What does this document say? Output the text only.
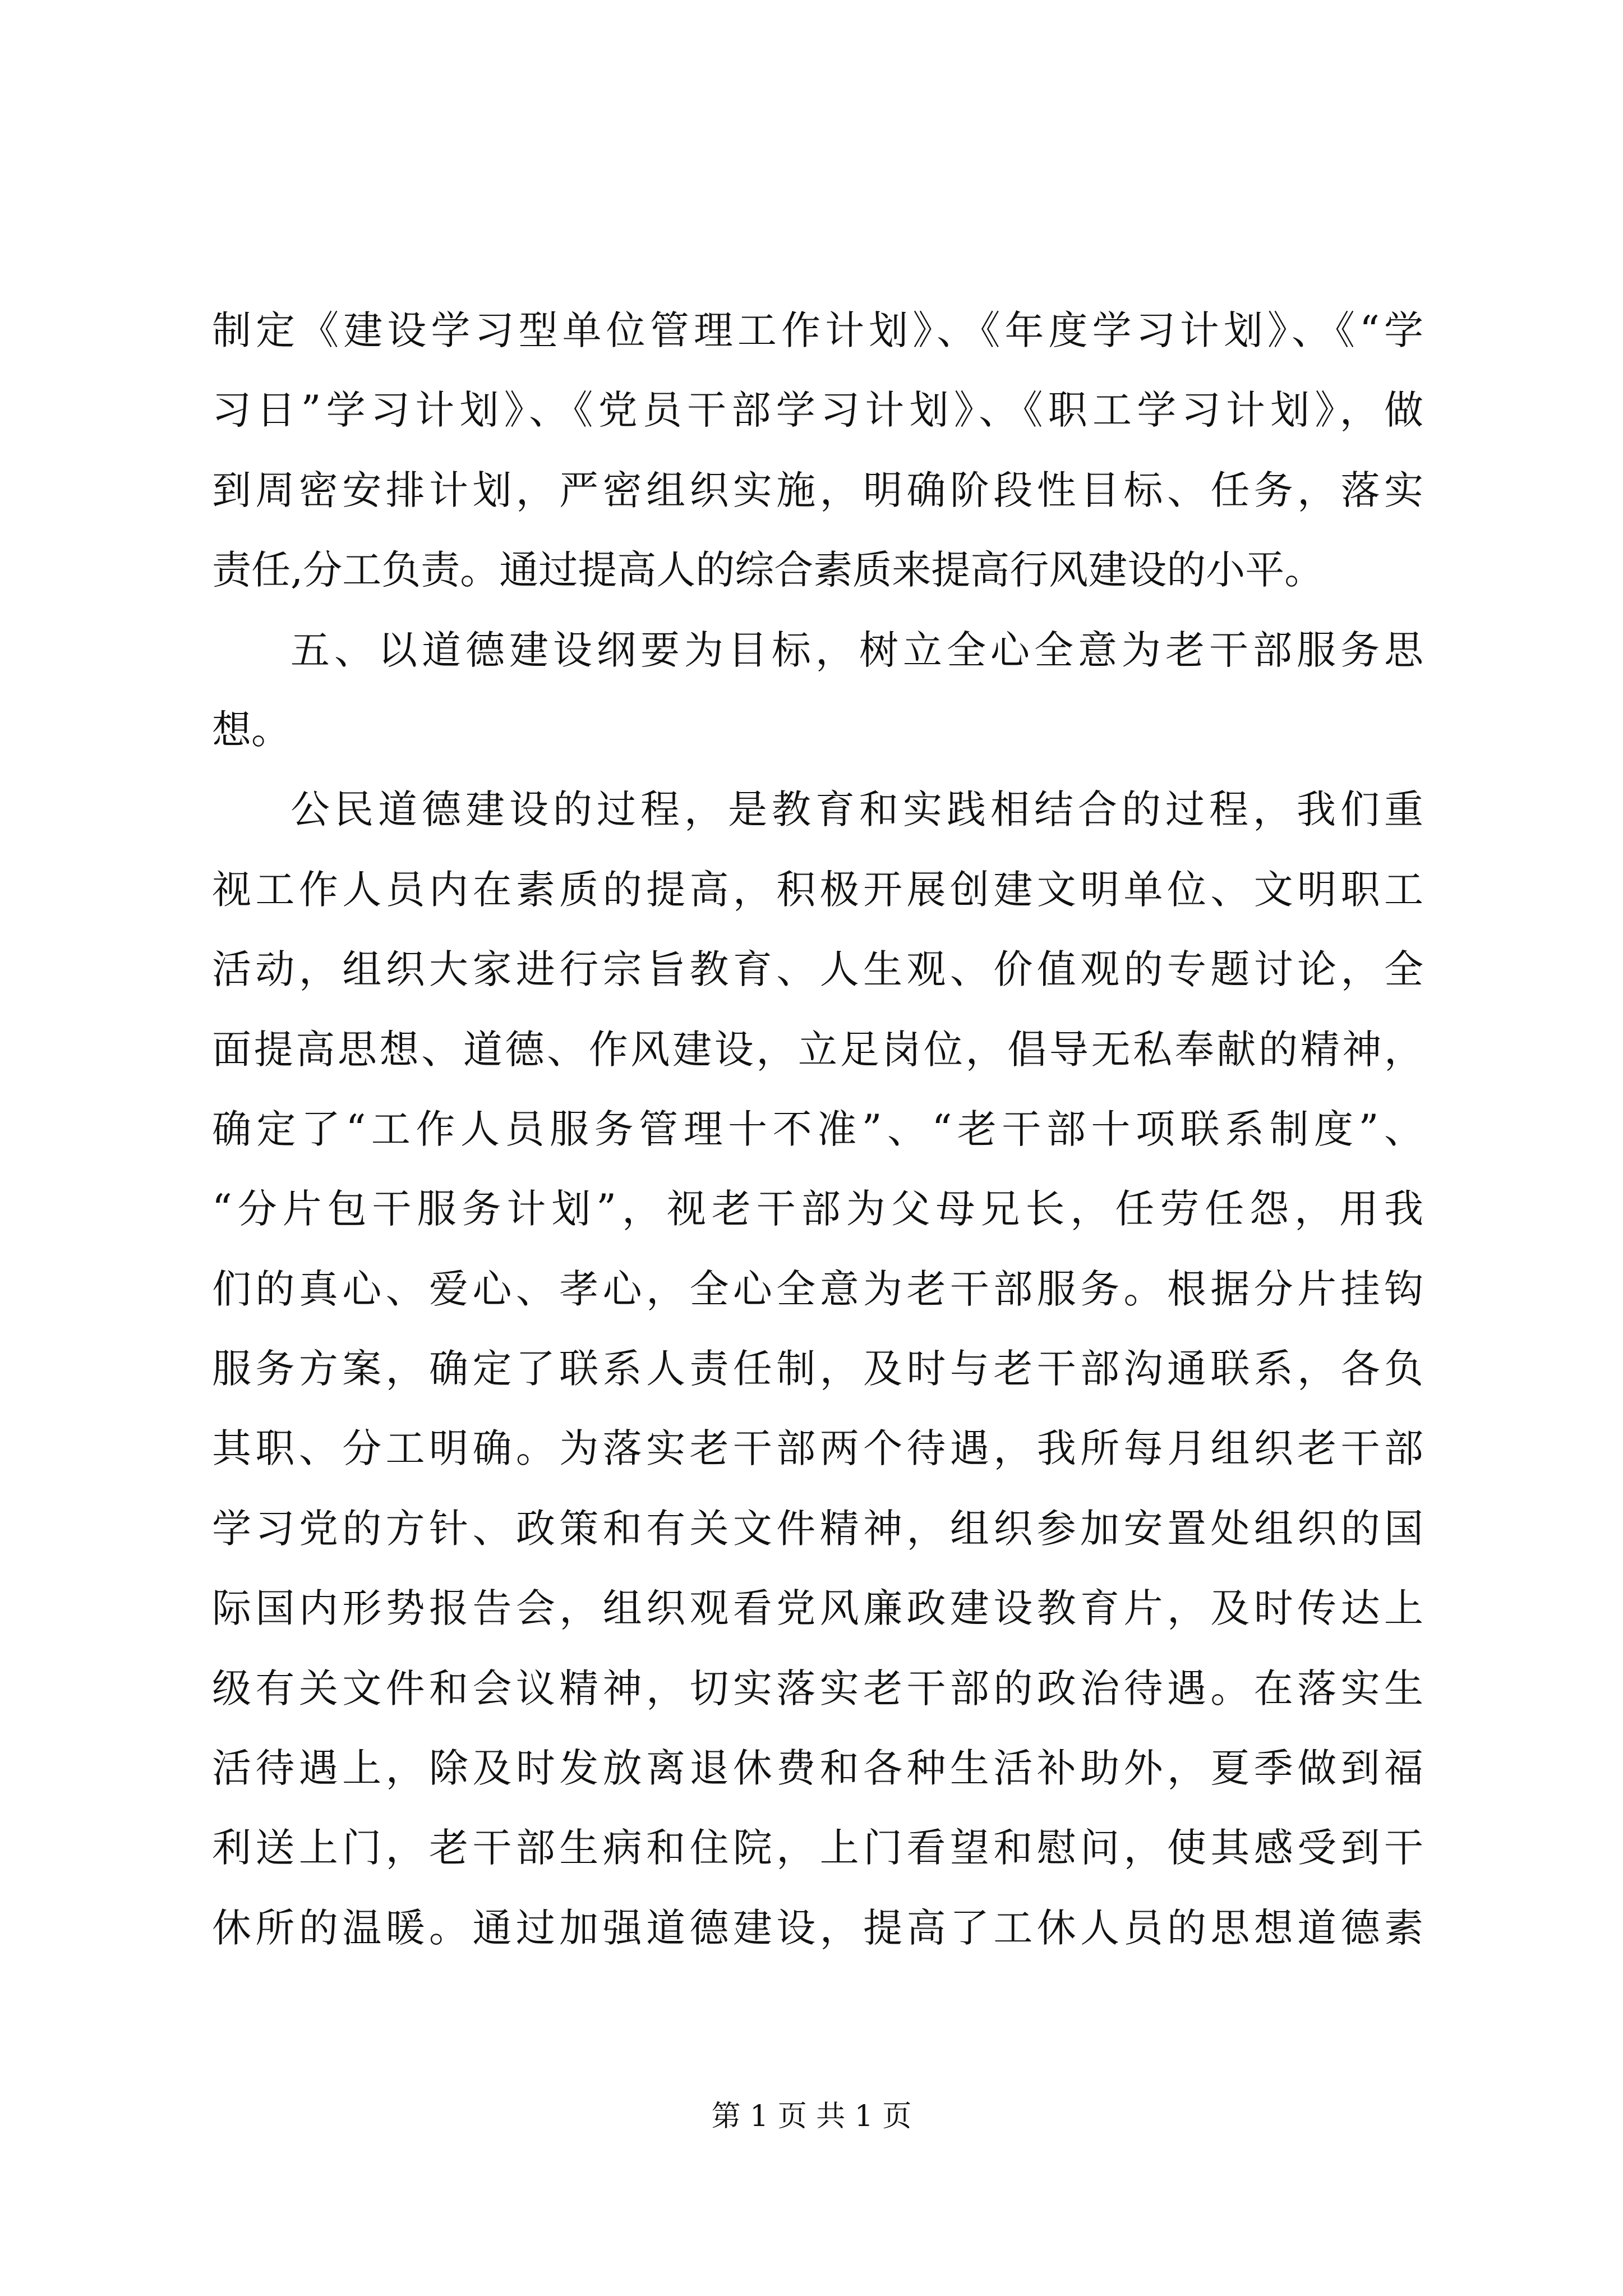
制定《建设学习型单位管理工作计划》、《年度学习计划》、《“学
习日”学习计划》、《党员干部学习计划》、《职工学习计划》，做
到周密安排计划，严密组织实施，明确阶段性目标、任务，落实
责任,分工负责。通过提高人的综合素质来提高行风建设的小平。
五、以道德建设纲要为目标，树立全心全意为老干部服务思
想。
公民道德建设的过程，是教育和实践相结合的过程，我们重
视工作人员内在素质的提高，积极开展创建文明单位、文明职工
活动，组织大家进行宗旨教育、人生观、价值观的专题讨论，全
面提高思想、道德、作风建设，立足岗位，倡导无私奉献的精神，
确定了“工作人员服务管理十不准”、“老干部十项联系制度”、
“分片包干服务计划”，视老干部为父母兄长，任劳任怨，用我
们的真心、爱心、孝心，全心全意为老干部服务。根据分片挂钩
服务方案，确定了联系人责任制，及时与老干部沟通联系，各负
其职、分工明确。为落实老干部两个待遇，我所每月组织老干部
学习党的方针、政策和有关文件精神，组织参加安置处组织的国
际国内形势报告会，组织观看党风廉政建设教育片，及时传达上
级有关文件和会议精神，切实落实老干部的政治待遇。在落实生
活待遇上，除及时发放离退休费和各种生活补助外，夏季做到福
利送上门，老干部生病和住院，上门看望和慰问，使其感受到干
休所的温暖。通过加强道德建设，提高了工休人员的思想道德素
第 1 页 共 1 页
